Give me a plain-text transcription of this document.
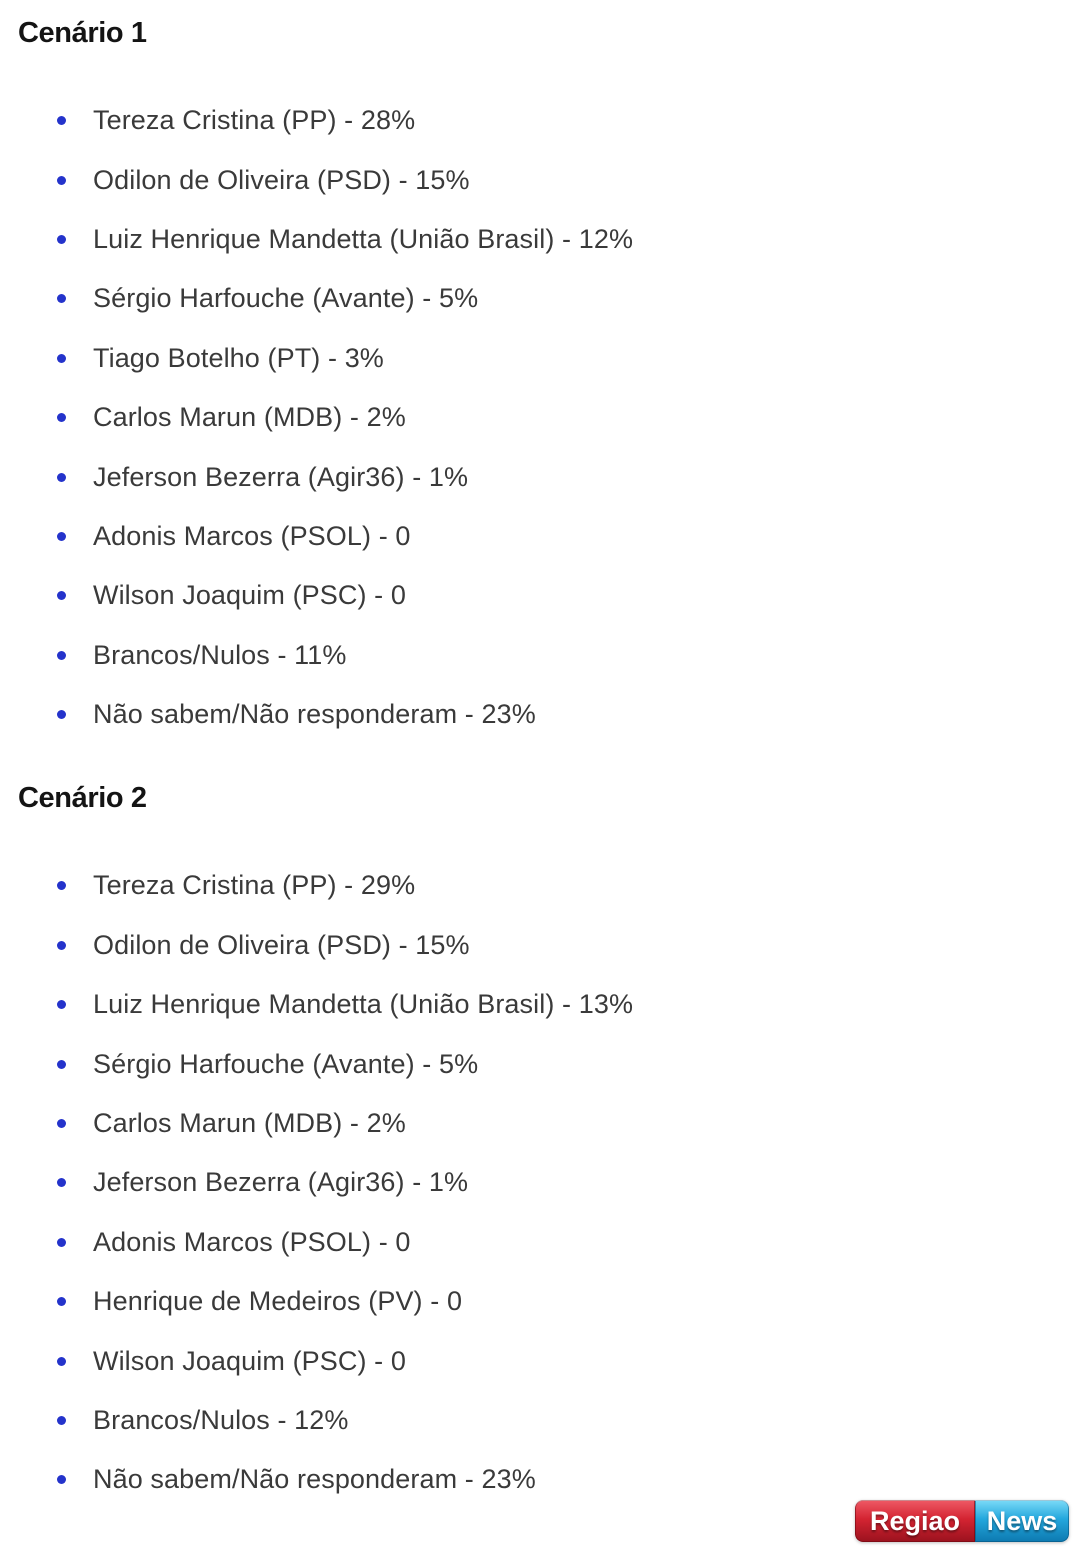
Cenário 1
Tereza Cristina (PP) - 28%
Odilon de Oliveira (PSD) - 15%
Luiz Henrique Mandetta (União Brasil) - 12%
Sérgio Harfouche (Avante) - 5%
Tiago Botelho (PT) - 3%
Carlos Marun (MDB) - 2%
Jeferson Bezerra (Agir36) - 1%
Adonis Marcos (PSOL) - 0
Wilson Joaquim (PSC) - 0
Brancos/Nulos - 11%
Não sabem/Não responderam - 23%
Cenário 2
Tereza Cristina (PP) - 29%
Odilon de Oliveira (PSD) - 15%
Luiz Henrique Mandetta (União Brasil) - 13%
Sérgio Harfouche (Avante) - 5%
Carlos Marun (MDB) - 2%
Jeferson Bezerra (Agir36) - 1%
Adonis Marcos (PSOL) - 0
Henrique de Medeiros (PV) - 0
Wilson Joaquim (PSC) - 0
Brancos/Nulos - 12%
Não sabem/Não responderam - 23%
Regiao News
